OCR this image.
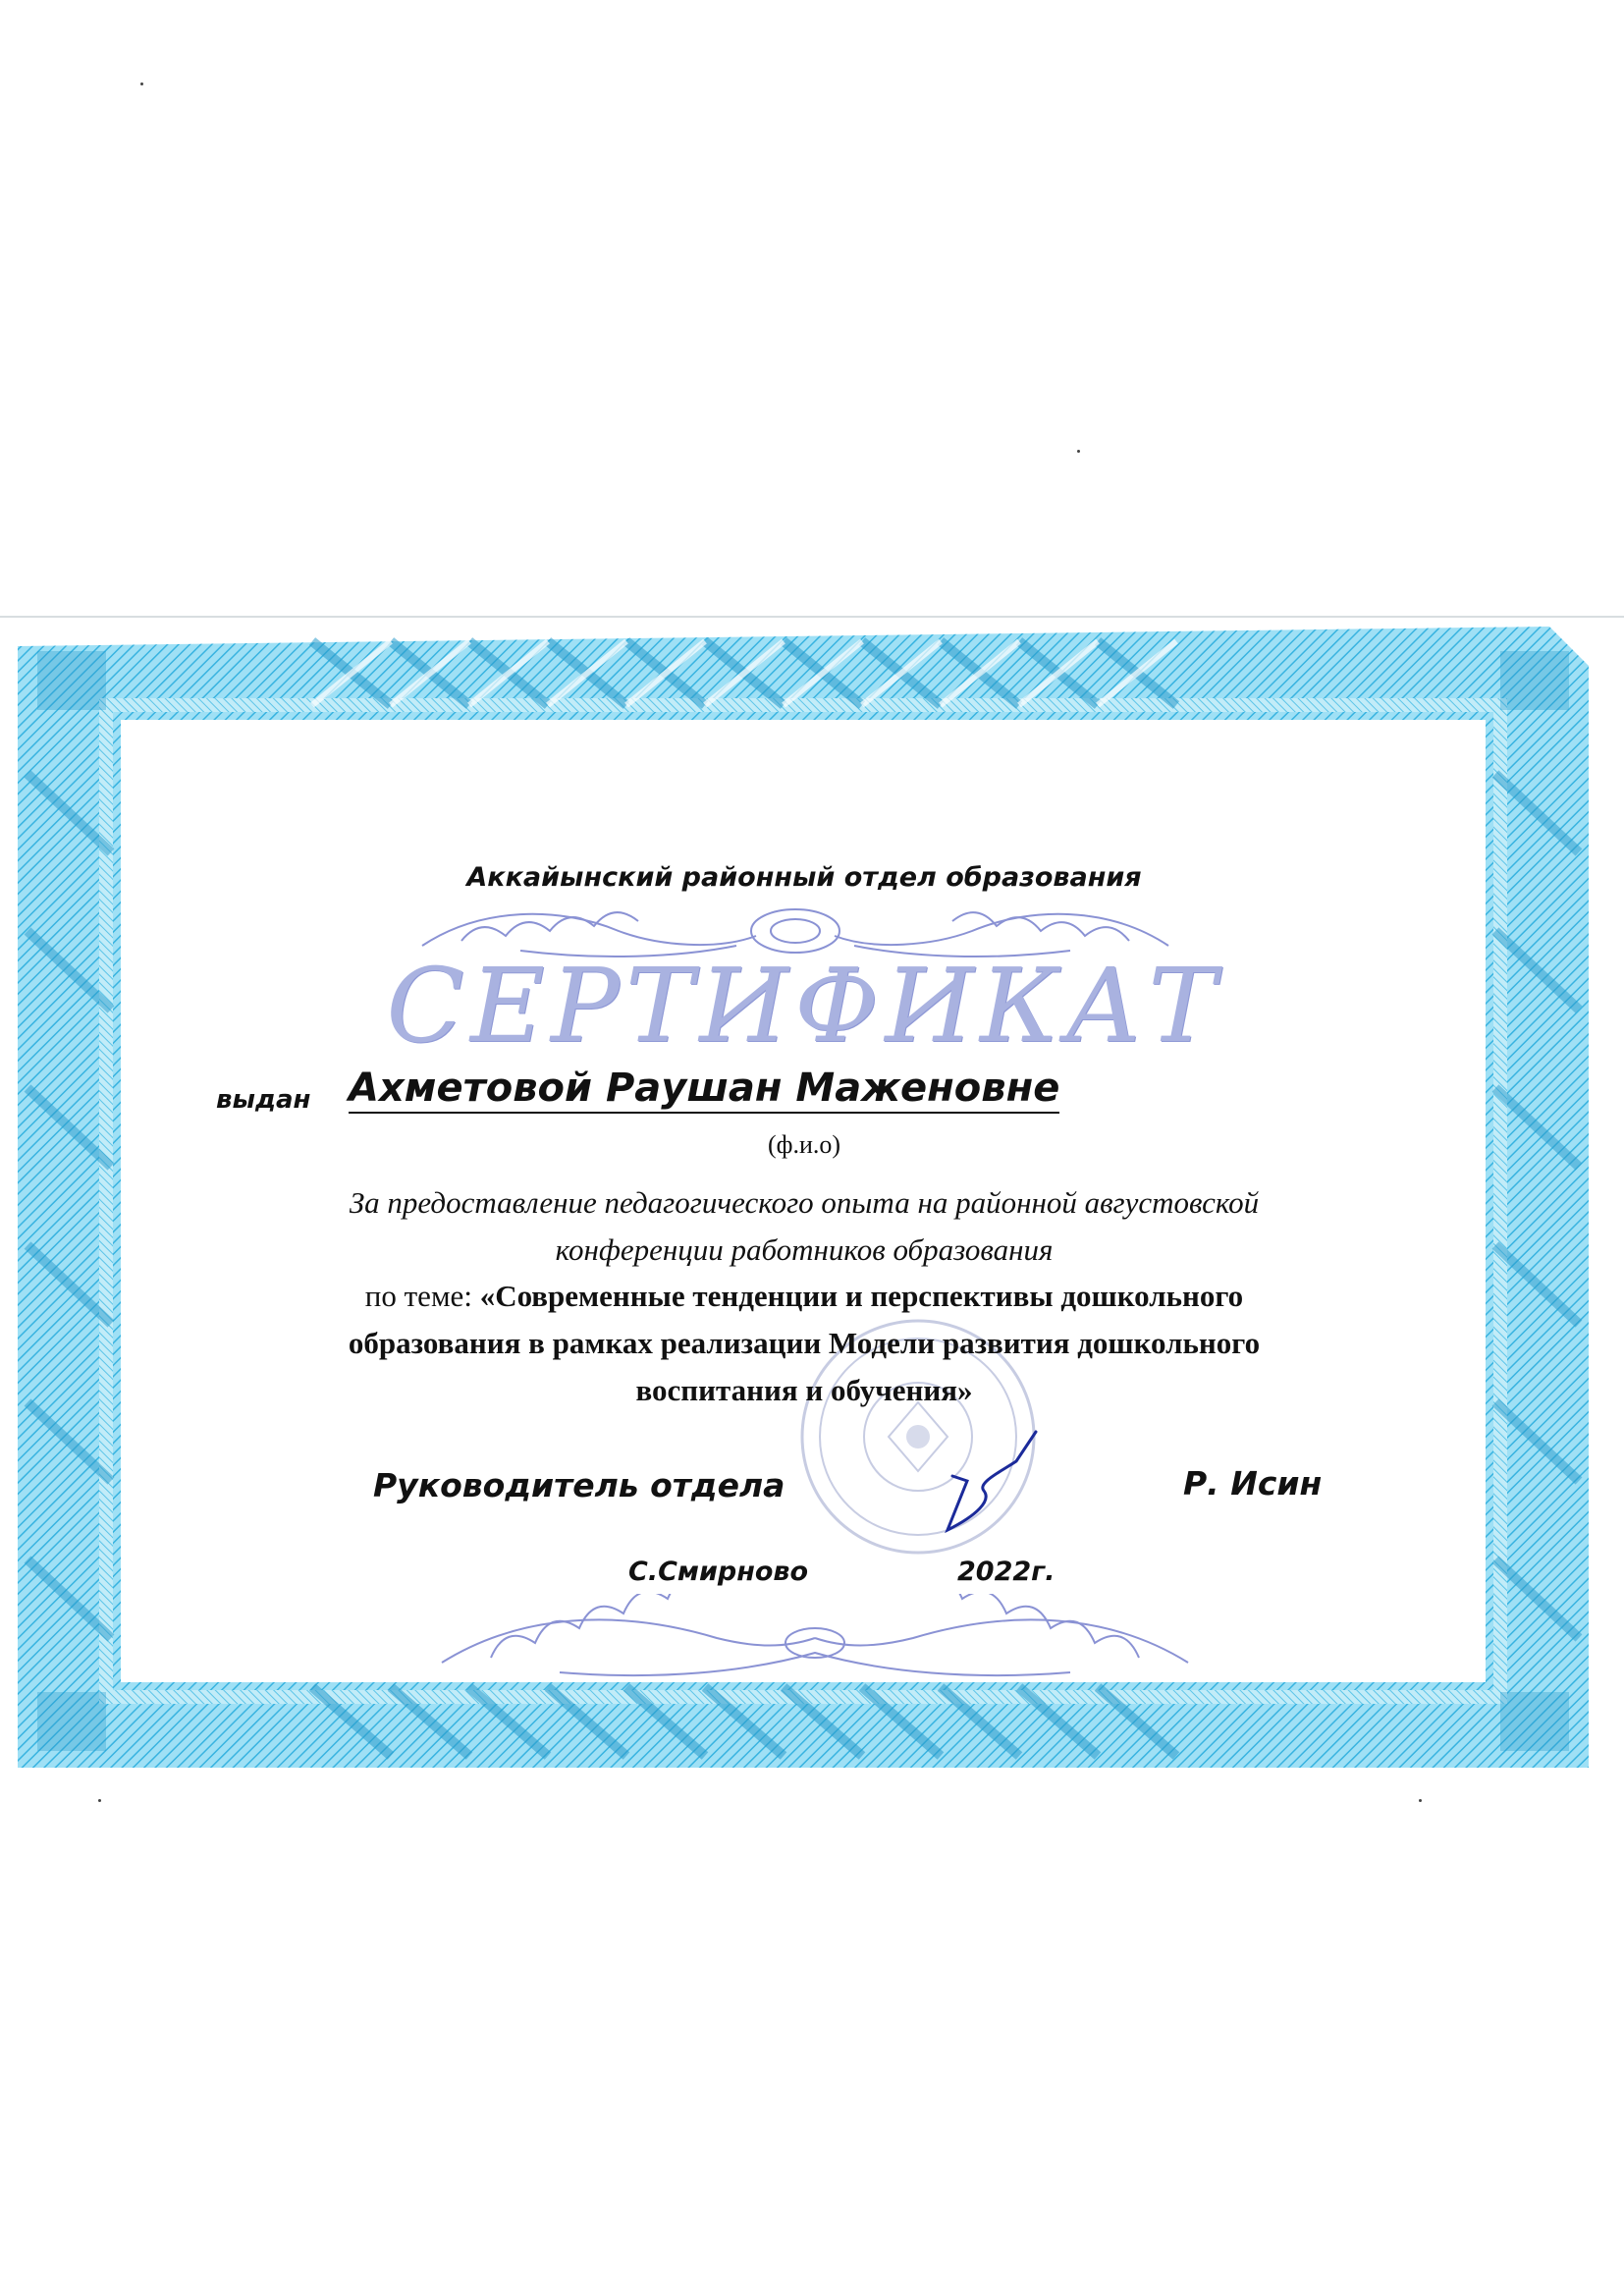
Аккайынский районный отдел образования

СЕРТИФИКАТ
выдан Ахметовой Раушан Маженовне
(ф.и.о)
За предоставление педагогического опыта на районной августовской
конференции работников образования
по теме: «Современные тенденции и перспективы дошкольного
образования в рамках реализации Модели развития дошкольного
воспитания и обучения»
Руководитель отдела	Р. Исин
С.Смирново	2022г.
